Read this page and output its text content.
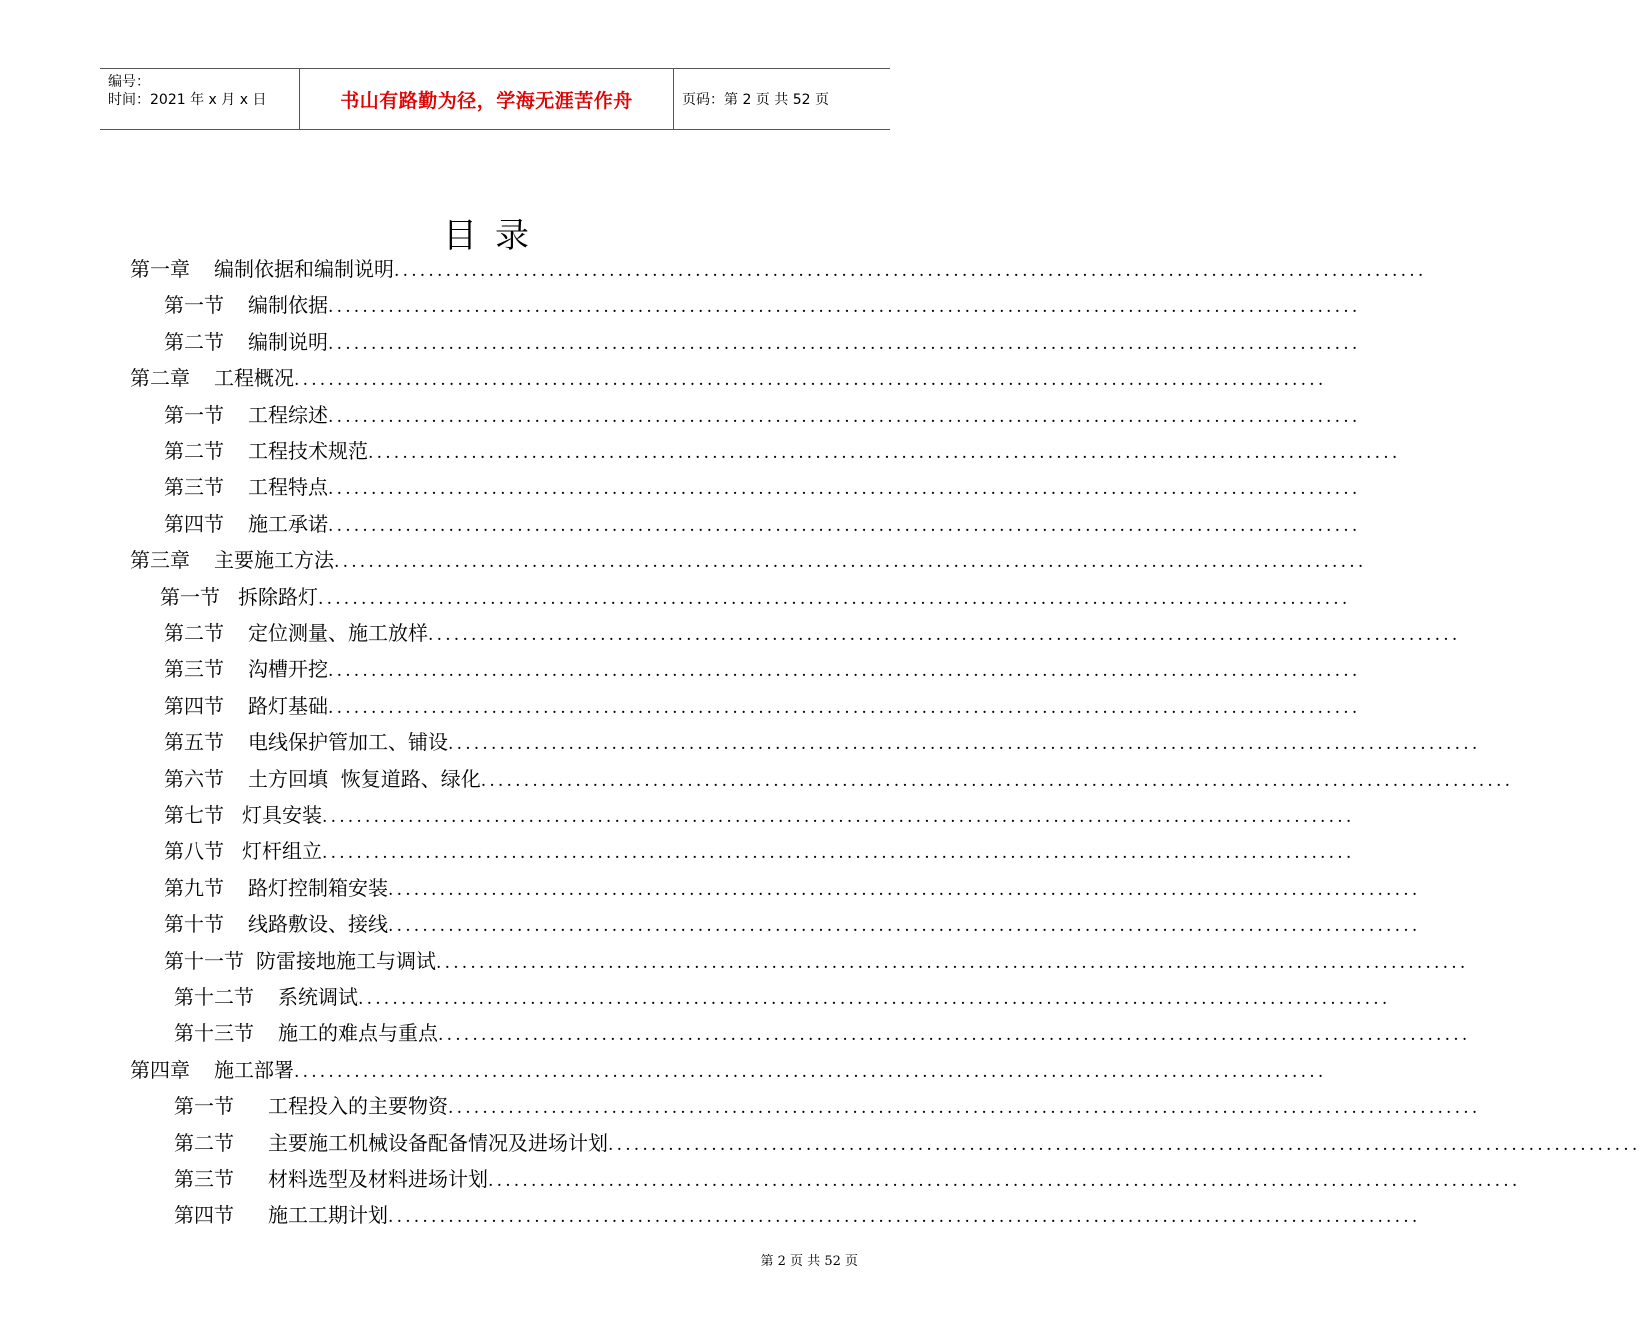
编号：
时间：2021 年 x 月 x 日	书山有路勤为径，学海无涯苦作舟	页码：第 2 页 共 52 页
目录
第一章 编制依据和编制说明 ........................................................................................................................
第一节 编制依据 ........................................................................................................................
第二节 编制说明 ........................................................................................................................
第二章 工程概况 ........................................................................................................................
第一节 工程综述 ........................................................................................................................
第二节 工程技术规范 ........................................................................................................................
第三节 工程特点 ........................................................................................................................
第四节 施工承诺 ........................................................................................................................
第三章 主要施工方法 ........................................................................................................................
第一节 拆除路灯 ........................................................................................................................
第二节 定位测量、施工放样 ........................................................................................................................
第三节 沟槽开挖 ........................................................................................................................
第四节 路灯基础 ........................................................................................................................
第五节 电线保护管加工、铺设 ........................................................................................................................
第六节 土方回填  恢复道路、绿化 ........................................................................................................................
第七节 灯具安装 ........................................................................................................................
第八节 灯杆组立 ........................................................................................................................
第九节 路灯控制箱安装 ........................................................................................................................
第十节 线路敷设、接线 ........................................................................................................................
第十一节 防雷接地施工与调试 ........................................................................................................................
第十二节 系统调试 ........................................................................................................................
第十三节 施工的难点与重点 ........................................................................................................................
第四章 施工部署 ........................................................................................................................
第一节 工程投入的主要物资 ........................................................................................................................
第二节 主要施工机械设备配备情况及进场计划 ........................................................................................................................
第三节 材料选型及材料进场计划 ........................................................................................................................
第四节 施工工期计划 ........................................................................................................................
第 2 页 共 52 页
